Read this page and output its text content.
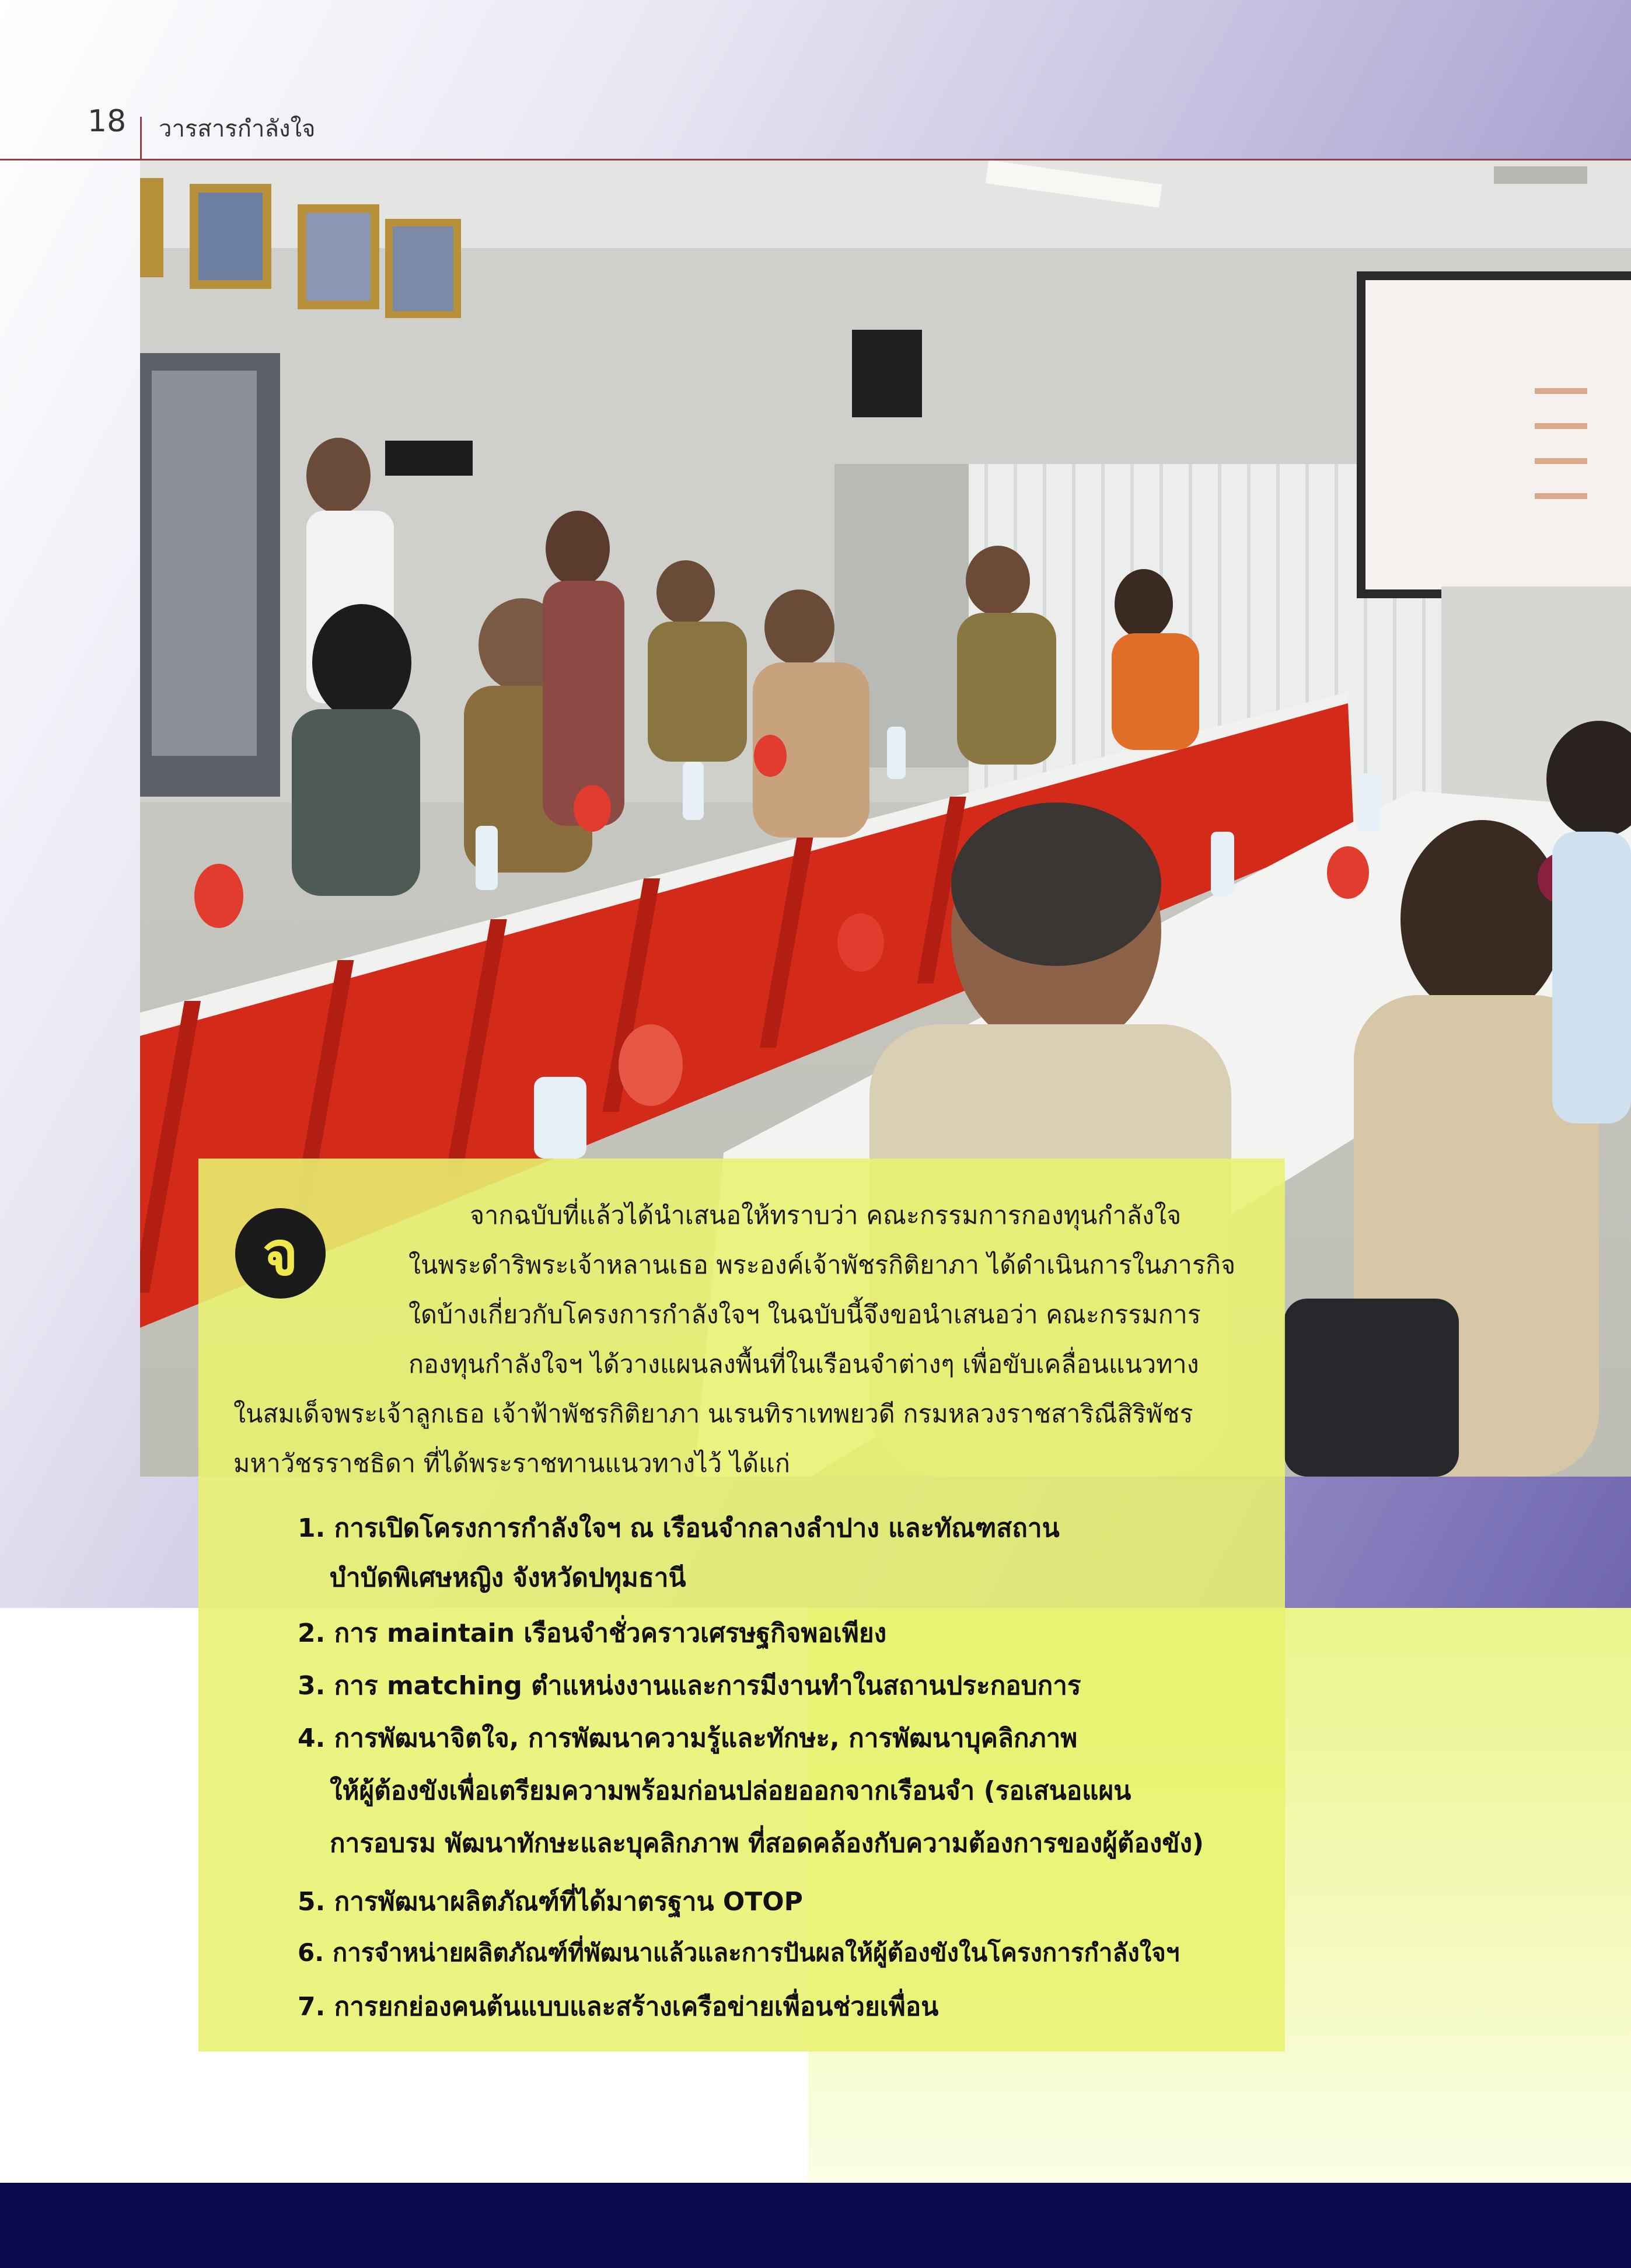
18 วารสารกำลังใจ
จ
จากฉบับที่แล้วได้นำเสนอให้ทราบว่า คณะกรรมการกองทุนกำลังใจ
ในพระดำริพระเจ้าหลานเธอ พระองค์เจ้าพัชรกิติยาภา ได้ดำเนินการในภารกิจ
ใดบ้างเกี่ยวกับโครงการกำลังใจฯ ในฉบับนี้จึงขอนำเสนอว่า คณะกรรมการ
กองทุนกำลังใจฯ ได้วางแผนลงพื้นที่ในเรือนจำต่างๆ เพื่อขับเคลื่อนแนวทาง
ในสมเด็จพระเจ้าลูกเธอ เจ้าฟ้าพัชรกิติยาภา นเรนทิราเทพยวดี กรมหลวงราชสาริณีสิริพัชร
มหาวัชรราชธิดา ที่ได้พระราชทานแนวทางไว้ ได้แก่
1. การเปิดโครงการกำลังใจฯ ณ เรือนจำกลางลำปาง และทัณฑสถาน
บำบัดพิเศษหญิง จังหวัดปทุมธานี
2. การ maintain เรือนจำชั่วคราวเศรษฐกิจพอเพียง
3. การ matching ตำแหน่งงานและการมีงานทำในสถานประกอบการ
4. การพัฒนาจิตใจ, การพัฒนาความรู้และทักษะ, การพัฒนาบุคลิกภาพ
ให้ผู้ต้องขังเพื่อเตรียมความพร้อมก่อนปล่อยออกจากเรือนจำ (รอเสนอแผน
การอบรม พัฒนาทักษะและบุคลิกภาพ ที่สอดคล้องกับความต้องการของผู้ต้องขัง)
5. การพัฒนาผลิตภัณฑ์ที่ได้มาตรฐาน OTOP
6. การจำหน่ายผลิตภัณฑ์ที่พัฒนาแล้วและการปันผลให้ผู้ต้องขังในโครงการกำลังใจฯ
7. การยกย่องคนต้นแบบและสร้างเครือข่ายเพื่อนช่วยเพื่อน
